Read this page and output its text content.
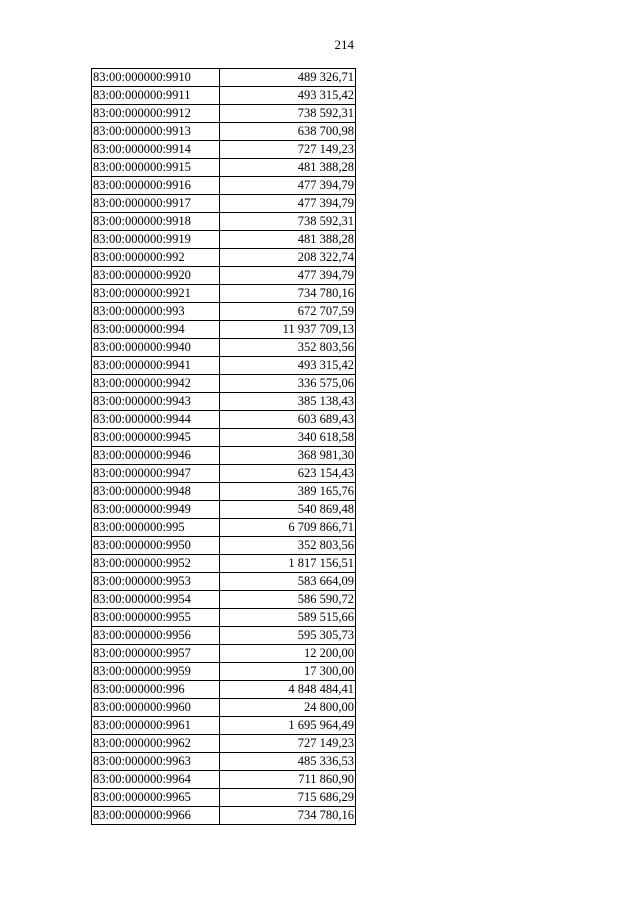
214
83:00:000000:9910	489 326,71
83:00:000000:9911	493 315,42
83:00:000000:9912	738 592,31
83:00:000000:9913	638 700,98
83:00:000000:9914	727 149,23
83:00:000000:9915	481 388,28
83:00:000000:9916	477 394,79
83:00:000000:9917	477 394,79
83:00:000000:9918	738 592,31
83:00:000000:9919	481 388,28
83:00:000000:992	208 322,74
83:00:000000:9920	477 394,79
83:00:000000:9921	734 780,16
83:00:000000:993	672 707,59
83:00:000000:994	11 937 709,13
83:00:000000:9940	352 803,56
83:00:000000:9941	493 315,42
83:00:000000:9942	336 575,06
83:00:000000:9943	385 138,43
83:00:000000:9944	603 689,43
83:00:000000:9945	340 618,58
83:00:000000:9946	368 981,30
83:00:000000:9947	623 154,43
83:00:000000:9948	389 165,76
83:00:000000:9949	540 869,48
83:00:000000:995	6 709 866,71
83:00:000000:9950	352 803,56
83:00:000000:9952	1 817 156,51
83:00:000000:9953	583 664,09
83:00:000000:9954	586 590,72
83:00:000000:9955	589 515,66
83:00:000000:9956	595 305,73
83:00:000000:9957	12 200,00
83:00:000000:9959	17 300,00
83:00:000000:996	4 848 484,41
83:00:000000:9960	24 800,00
83:00:000000:9961	1 695 964,49
83:00:000000:9962	727 149,23
83:00:000000:9963	485 336,53
83:00:000000:9964	711 860,90
83:00:000000:9965	715 686,29
83:00:000000:9966	734 780,16
